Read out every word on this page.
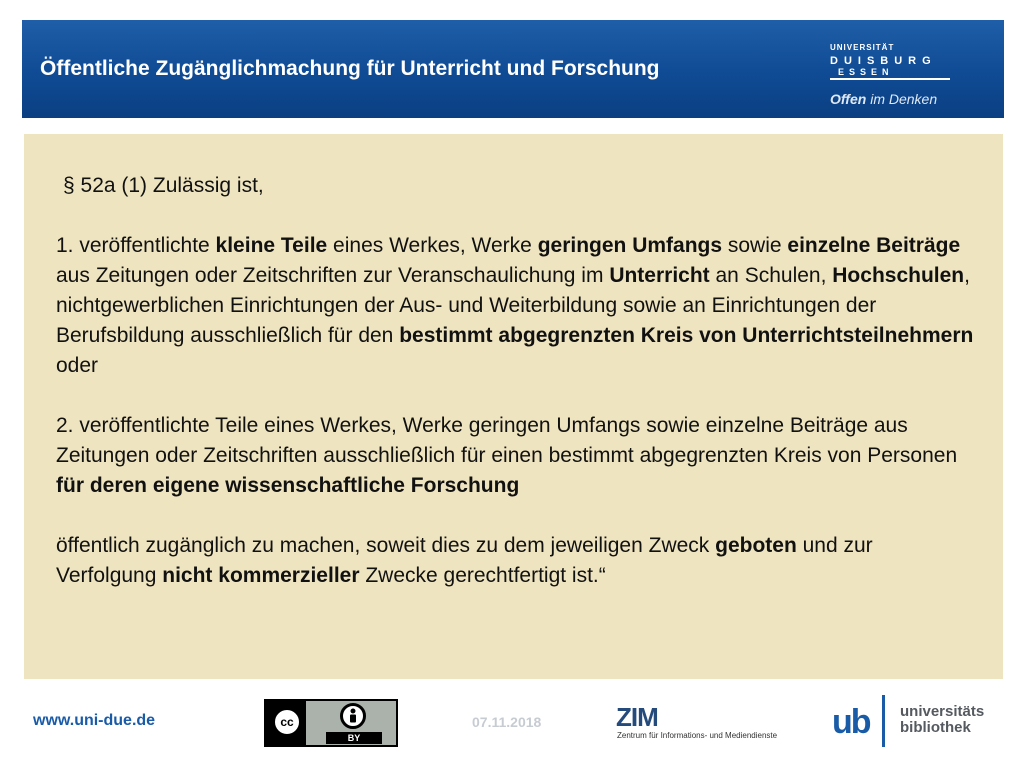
Öffentliche Zugänglichmachung für Unterricht und Forschung
UNIVERSITÄT
DUISBURG
ESSEN
Offen im Denken

§ 52a (1) Zulässig ist,

1. veröffentlichte kleine Teile eines Werkes, Werke geringen Umfangs sowie einzelne Beiträge aus Zeitungen oder Zeitschriften zur Veranschaulichung im Unterricht an Schulen, Hochschulen, nichtgewerblichen Einrichtungen der Aus- und Weiterbildung sowie an Einrichtungen der Berufsbildung ausschließlich für den bestimmt abgegrenzten Kreis von Unterrichtsteilnehmern oder

2. veröffentlichte Teile eines Werkes, Werke geringen Umfangs sowie einzelne Beiträge aus Zeitungen oder Zeitschriften ausschließlich für einen bestimmt abgegrenzten Kreis von Personen für deren eigene wissenschaftliche Forschung

öffentlich zugänglich zu machen, soweit dies zu dem jeweiligen Zweck geboten und zur Verfolgung nicht kommerzieller Zwecke gerechtfertigt ist.“

www.uni-due.de	cc
BY
07.11.2018	ZIM
Zentrum für Informations- und Mediendienste ub universitäts
bibliothek
